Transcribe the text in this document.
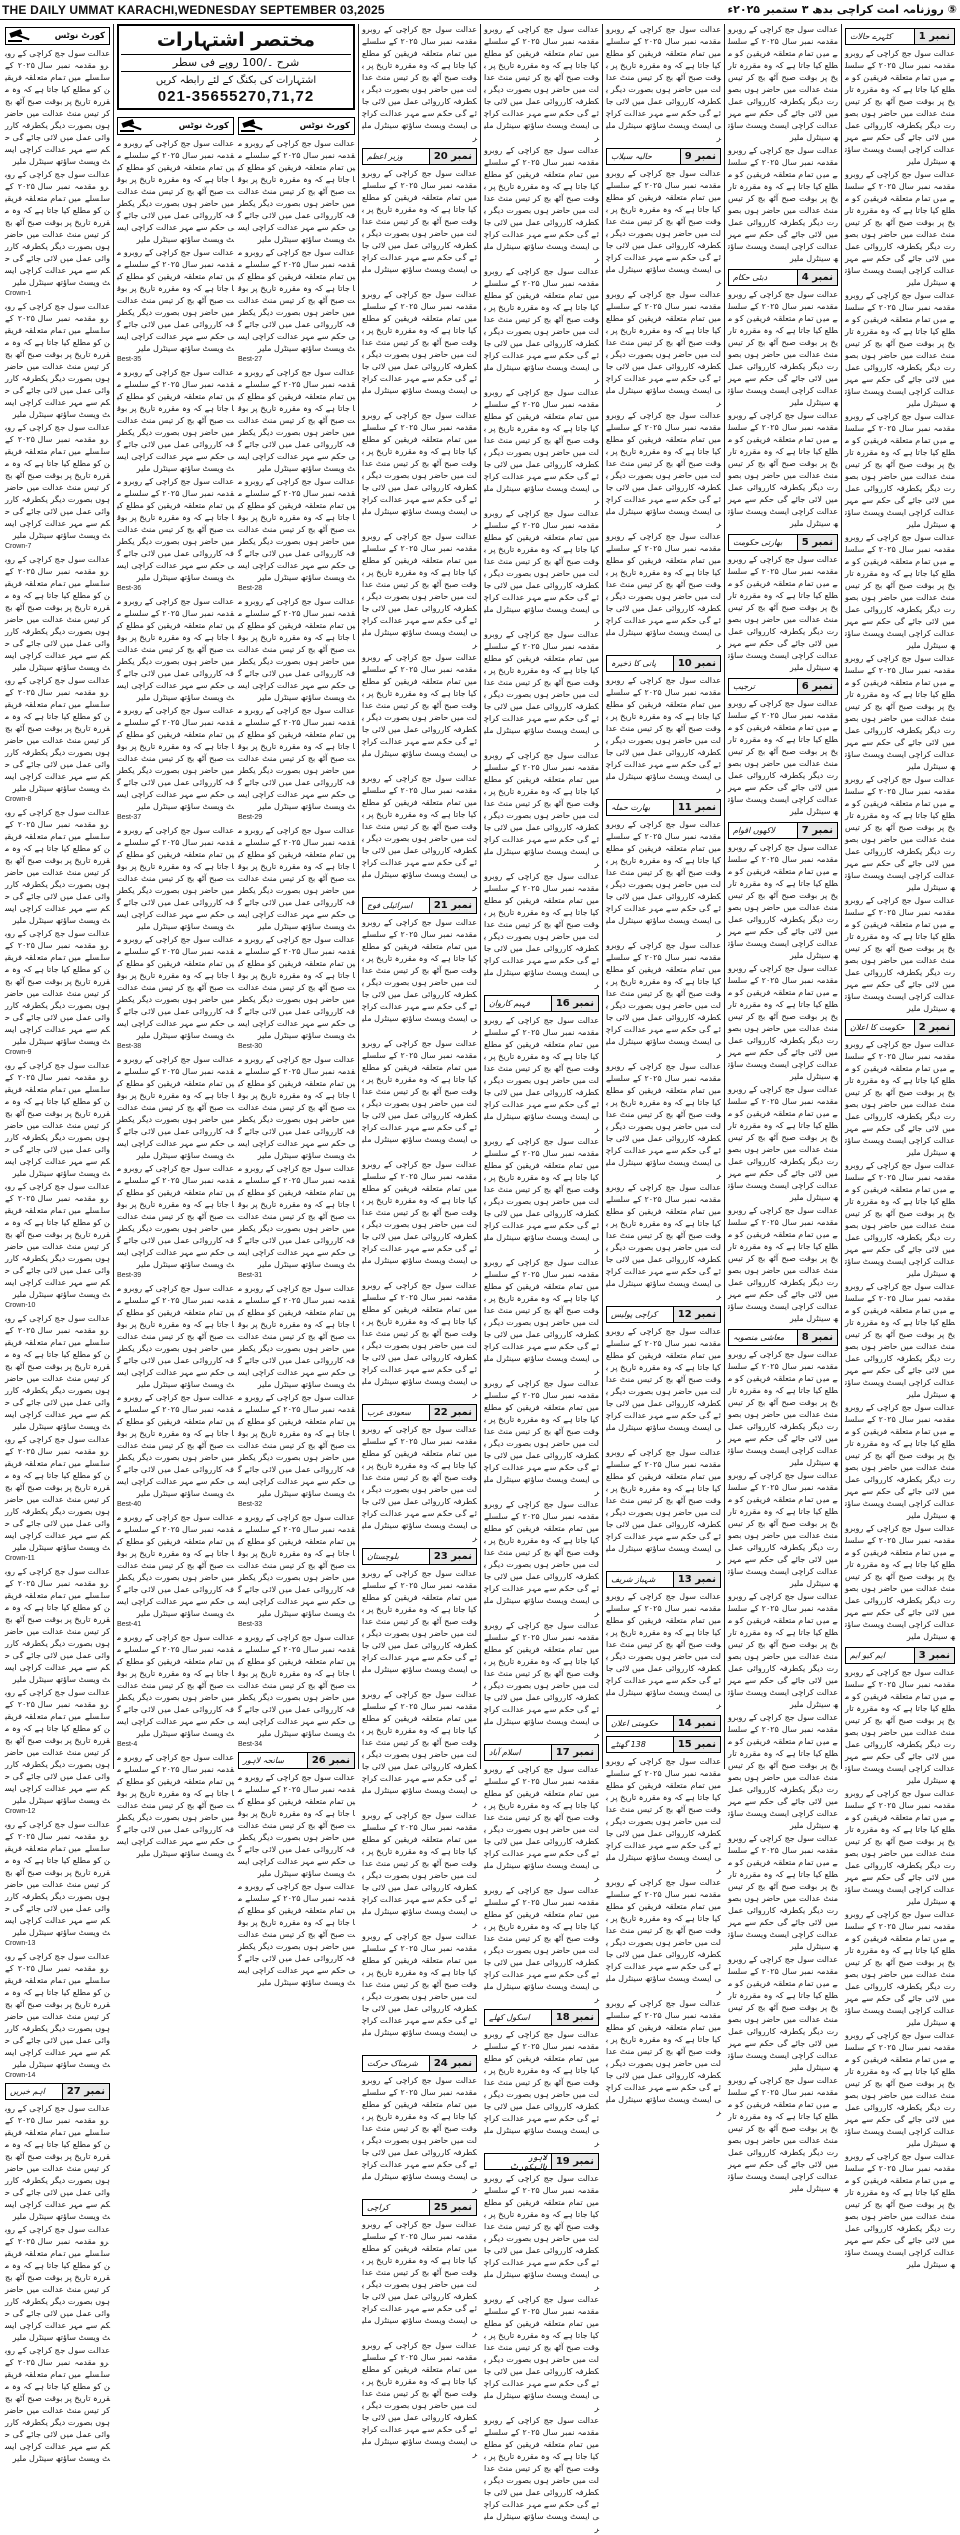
THE DAILY UMMAT KARACHI,WEDNESDAY SEPTEMBER 03,2025	⑤ روزنامہ امت کراچی بدھ ۳ ستمبر ۲۰۲۵ء
کورٹ نوٹس

عدالت سول جج کراچی کے روبرو مقدمہ نمبر سال ۲۰۲۵ کے سلسلے میں تمام متعلقہ فریقین کو مطلع کیا جاتا ہے کہ وہ مقررہ تاریخ پر بوقت صبح آٹھ بج کر تیس منٹ عدالت میں حاضر ہوں بصورت دیگر یکطرفہ کارروائی عمل میں لائی جائے گی حکم سے مہر عدالت کراچی ایسٹ ویسٹ ساؤتھ سینٹرل ملیر

عدالت سول جج کراچی کے روبرو مقدمہ نمبر سال ۲۰۲۵ کے سلسلے میں تمام متعلقہ فریقین کو مطلع کیا جاتا ہے کہ وہ مقررہ تاریخ پر بوقت صبح آٹھ بج کر تیس منٹ عدالت میں حاضر ہوں بصورت دیگر یکطرفہ کارروائی عمل میں لائی جائے گی حکم سے مہر عدالت کراچی ایسٹ ویسٹ ساؤتھ سینٹرل ملیر

Crown-1

عدالت سول جج کراچی کے روبرو مقدمہ نمبر سال ۲۰۲۵ کے سلسلے میں تمام متعلقہ فریقین کو مطلع کیا جاتا ہے کہ وہ مقررہ تاریخ پر بوقت صبح آٹھ بج کر تیس منٹ عدالت میں حاضر ہوں بصورت دیگر یکطرفہ کارروائی عمل میں لائی جائے گی حکم سے مہر عدالت کراچی ایسٹ ویسٹ ساؤتھ سینٹرل ملیر

عدالت سول جج کراچی کے روبرو مقدمہ نمبر سال ۲۰۲۵ کے سلسلے میں تمام متعلقہ فریقین کو مطلع کیا جاتا ہے کہ وہ مقررہ تاریخ پر بوقت صبح آٹھ بج کر تیس منٹ عدالت میں حاضر ہوں بصورت دیگر یکطرفہ کارروائی عمل میں لائی جائے گی حکم سے مہر عدالت کراچی ایسٹ ویسٹ ساؤتھ سینٹرل ملیر

Crown-7

عدالت سول جج کراچی کے روبرو مقدمہ نمبر سال ۲۰۲۵ کے سلسلے میں تمام متعلقہ فریقین کو مطلع کیا جاتا ہے کہ وہ مقررہ تاریخ پر بوقت صبح آٹھ بج کر تیس منٹ عدالت میں حاضر ہوں بصورت دیگر یکطرفہ کارروائی عمل میں لائی جائے گی حکم سے مہر عدالت کراچی ایسٹ ویسٹ ساؤتھ سینٹرل ملیر

عدالت سول جج کراچی کے روبرو مقدمہ نمبر سال ۲۰۲۵ کے سلسلے میں تمام متعلقہ فریقین کو مطلع کیا جاتا ہے کہ وہ مقررہ تاریخ پر بوقت صبح آٹھ بج کر تیس منٹ عدالت میں حاضر ہوں بصورت دیگر یکطرفہ کارروائی عمل میں لائی جائے گی حکم سے مہر عدالت کراچی ایسٹ ویسٹ ساؤتھ سینٹرل ملیر

Crown-8

عدالت سول جج کراچی کے روبرو مقدمہ نمبر سال ۲۰۲۵ کے سلسلے میں تمام متعلقہ فریقین کو مطلع کیا جاتا ہے کہ وہ مقررہ تاریخ پر بوقت صبح آٹھ بج کر تیس منٹ عدالت میں حاضر ہوں بصورت دیگر یکطرفہ کارروائی عمل میں لائی جائے گی حکم سے مہر عدالت کراچی ایسٹ ویسٹ ساؤتھ سینٹرل ملیر

عدالت سول جج کراچی کے روبرو مقدمہ نمبر سال ۲۰۲۵ کے سلسلے میں تمام متعلقہ فریقین کو مطلع کیا جاتا ہے کہ وہ مقررہ تاریخ پر بوقت صبح آٹھ بج کر تیس منٹ عدالت میں حاضر ہوں بصورت دیگر یکطرفہ کارروائی عمل میں لائی جائے گی حکم سے مہر عدالت کراچی ایسٹ ویسٹ ساؤتھ سینٹرل ملیر

Crown-9

عدالت سول جج کراچی کے روبرو مقدمہ نمبر سال ۲۰۲۵ کے سلسلے میں تمام متعلقہ فریقین کو مطلع کیا جاتا ہے کہ وہ مقررہ تاریخ پر بوقت صبح آٹھ بج کر تیس منٹ عدالت میں حاضر ہوں بصورت دیگر یکطرفہ کارروائی عمل میں لائی جائے گی حکم سے مہر عدالت کراچی ایسٹ ویسٹ ساؤتھ سینٹرل ملیر

عدالت سول جج کراچی کے روبرو مقدمہ نمبر سال ۲۰۲۵ کے سلسلے میں تمام متعلقہ فریقین کو مطلع کیا جاتا ہے کہ وہ مقررہ تاریخ پر بوقت صبح آٹھ بج کر تیس منٹ عدالت میں حاضر ہوں بصورت دیگر یکطرفہ کارروائی عمل میں لائی جائے گی حکم سے مہر عدالت کراچی ایسٹ ویسٹ ساؤتھ سینٹرل ملیر

Crown-10

عدالت سول جج کراچی کے روبرو مقدمہ نمبر سال ۲۰۲۵ کے سلسلے میں تمام متعلقہ فریقین کو مطلع کیا جاتا ہے کہ وہ مقررہ تاریخ پر بوقت صبح آٹھ بج کر تیس منٹ عدالت میں حاضر ہوں بصورت دیگر یکطرفہ کارروائی عمل میں لائی جائے گی حکم سے مہر عدالت کراچی ایسٹ ویسٹ ساؤتھ سینٹرل ملیر

عدالت سول جج کراچی کے روبرو مقدمہ نمبر سال ۲۰۲۵ کے سلسلے میں تمام متعلقہ فریقین کو مطلع کیا جاتا ہے کہ وہ مقررہ تاریخ پر بوقت صبح آٹھ بج کر تیس منٹ عدالت میں حاضر ہوں بصورت دیگر یکطرفہ کارروائی عمل میں لائی جائے گی حکم سے مہر عدالت کراچی ایسٹ ویسٹ ساؤتھ سینٹرل ملیر

Crown-11

عدالت سول جج کراچی کے روبرو مقدمہ نمبر سال ۲۰۲۵ کے سلسلے میں تمام متعلقہ فریقین کو مطلع کیا جاتا ہے کہ وہ مقررہ تاریخ پر بوقت صبح آٹھ بج کر تیس منٹ عدالت میں حاضر ہوں بصورت دیگر یکطرفہ کارروائی عمل میں لائی جائے گی حکم سے مہر عدالت کراچی ایسٹ ویسٹ ساؤتھ سینٹرل ملیر

عدالت سول جج کراچی کے روبرو مقدمہ نمبر سال ۲۰۲۵ کے سلسلے میں تمام متعلقہ فریقین کو مطلع کیا جاتا ہے کہ وہ مقررہ تاریخ پر بوقت صبح آٹھ بج کر تیس منٹ عدالت میں حاضر ہوں بصورت دیگر یکطرفہ کارروائی عمل میں لائی جائے گی حکم سے مہر عدالت کراچی ایسٹ ویسٹ ساؤتھ سینٹرل ملیر

Crown-12

عدالت سول جج کراچی کے روبرو مقدمہ نمبر سال ۲۰۲۵ کے سلسلے میں تمام متعلقہ فریقین کو مطلع کیا جاتا ہے کہ وہ مقررہ تاریخ پر بوقت صبح آٹھ بج کر تیس منٹ عدالت میں حاضر ہوں بصورت دیگر یکطرفہ کارروائی عمل میں لائی جائے گی حکم سے مہر عدالت کراچی ایسٹ ویسٹ ساؤتھ سینٹرل ملیر

Crown-13

عدالت سول جج کراچی کے روبرو مقدمہ نمبر سال ۲۰۲۵ کے سلسلے میں تمام متعلقہ فریقین کو مطلع کیا جاتا ہے کہ وہ مقررہ تاریخ پر بوقت صبح آٹھ بج کر تیس منٹ عدالت میں حاضر ہوں بصورت دیگر یکطرفہ کارروائی عمل میں لائی جائے گی حکم سے مہر عدالت کراچی ایسٹ ویسٹ ساؤتھ سینٹرل ملیر

Crown-14
نمبر

27
اہم خبریں

عدالت سول جج کراچی کے روبرو مقدمہ نمبر سال ۲۰۲۵ کے سلسلے میں تمام متعلقہ فریقین کو مطلع کیا جاتا ہے کہ وہ مقررہ تاریخ پر بوقت صبح آٹھ بج کر تیس منٹ عدالت میں حاضر ہوں بصورت دیگر یکطرفہ کارروائی عمل میں لائی جائے گی حکم سے مہر عدالت کراچی ایسٹ ویسٹ ساؤتھ سینٹرل ملیر

عدالت سول جج کراچی کے روبرو مقدمہ نمبر سال ۲۰۲۵ کے سلسلے میں تمام متعلقہ فریقین کو مطلع کیا جاتا ہے کہ وہ مقررہ تاریخ پر بوقت صبح آٹھ بج کر تیس منٹ عدالت میں حاضر ہوں بصورت دیگر یکطرفہ کارروائی عمل میں لائی جائے گی حکم سے مہر عدالت کراچی ایسٹ ویسٹ ساؤتھ سینٹرل ملیر

عدالت سول جج کراچی کے روبرو مقدمہ نمبر سال ۲۰۲۵ کے سلسلے میں تمام متعلقہ فریقین کو مطلع کیا جاتا ہے کہ وہ مقررہ تاریخ پر بوقت صبح آٹھ بج کر تیس منٹ عدالت میں حاضر ہوں بصورت دیگر یکطرفہ کارروائی عمل میں لائی جائے گی حکم سے مہر عدالت کراچی ایسٹ ویسٹ ساؤتھ سینٹرل ملیر

مختصر اشتہارات
شرح ۔/100 روپے فی سطر
اشتہارات کی بکنگ کے لئے رابطہ کریں
021-35655270,71,72
کورٹ نوٹس

عدالت سول جج کراچی کے روبرو مقدمہ نمبر سال ۲۰۲۵ کے سلسلے میں تمام متعلقہ فریقین کو مطلع کیا جاتا ہے کہ وہ مقررہ تاریخ پر بوقت صبح آٹھ بج کر تیس منٹ عدالت میں حاضر ہوں بصورت دیگر یکطرفہ کارروائی عمل میں لائی جائے گی حکم سے مہر عدالت کراچی ایسٹ ویسٹ ساؤتھ سینٹرل ملیر

عدالت سول جج کراچی کے روبرو مقدمہ نمبر سال ۲۰۲۵ کے سلسلے میں تمام متعلقہ فریقین کو مطلع کیا جاتا ہے کہ وہ مقررہ تاریخ پر بوقت صبح آٹھ بج کر تیس منٹ عدالت میں حاضر ہوں بصورت دیگر یکطرفہ کارروائی عمل میں لائی جائے گی حکم سے مہر عدالت کراچی ایسٹ ویسٹ ساؤتھ سینٹرل ملیر

Best-35

عدالت سول جج کراچی کے روبرو مقدمہ نمبر سال ۲۰۲۵ کے سلسلے میں تمام متعلقہ فریقین کو مطلع کیا جاتا ہے کہ وہ مقررہ تاریخ پر بوقت صبح آٹھ بج کر تیس منٹ عدالت میں حاضر ہوں بصورت دیگر یکطرفہ کارروائی عمل میں لائی جائے گی حکم سے مہر عدالت کراچی ایسٹ ویسٹ ساؤتھ سینٹرل ملیر

عدالت سول جج کراچی کے روبرو مقدمہ نمبر سال ۲۰۲۵ کے سلسلے میں تمام متعلقہ فریقین کو مطلع کیا جاتا ہے کہ وہ مقررہ تاریخ پر بوقت صبح آٹھ بج کر تیس منٹ عدالت میں حاضر ہوں بصورت دیگر یکطرفہ کارروائی عمل میں لائی جائے گی حکم سے مہر عدالت کراچی ایسٹ ویسٹ ساؤتھ سینٹرل ملیر

Best-36

عدالت سول جج کراچی کے روبرو مقدمہ نمبر سال ۲۰۲۵ کے سلسلے میں تمام متعلقہ فریقین کو مطلع کیا جاتا ہے کہ وہ مقررہ تاریخ پر بوقت صبح آٹھ بج کر تیس منٹ عدالت میں حاضر ہوں بصورت دیگر یکطرفہ کارروائی عمل میں لائی جائے گی حکم سے مہر عدالت کراچی ایسٹ ویسٹ ساؤتھ سینٹرل ملیر

عدالت سول جج کراچی کے روبرو مقدمہ نمبر سال ۲۰۲۵ کے سلسلے میں تمام متعلقہ فریقین کو مطلع کیا جاتا ہے کہ وہ مقررہ تاریخ پر بوقت صبح آٹھ بج کر تیس منٹ عدالت میں حاضر ہوں بصورت دیگر یکطرفہ کارروائی عمل میں لائی جائے گی حکم سے مہر عدالت کراچی ایسٹ ویسٹ ساؤتھ سینٹرل ملیر

Best-37

عدالت سول جج کراچی کے روبرو مقدمہ نمبر سال ۲۰۲۵ کے سلسلے میں تمام متعلقہ فریقین کو مطلع کیا جاتا ہے کہ وہ مقررہ تاریخ پر بوقت صبح آٹھ بج کر تیس منٹ عدالت میں حاضر ہوں بصورت دیگر یکطرفہ کارروائی عمل میں لائی جائے گی حکم سے مہر عدالت کراچی ایسٹ ویسٹ ساؤتھ سینٹرل ملیر

عدالت سول جج کراچی کے روبرو مقدمہ نمبر سال ۲۰۲۵ کے سلسلے میں تمام متعلقہ فریقین کو مطلع کیا جاتا ہے کہ وہ مقررہ تاریخ پر بوقت صبح آٹھ بج کر تیس منٹ عدالت میں حاضر ہوں بصورت دیگر یکطرفہ کارروائی عمل میں لائی جائے گی حکم سے مہر عدالت کراچی ایسٹ ویسٹ ساؤتھ سینٹرل ملیر

Best-38

عدالت سول جج کراچی کے روبرو مقدمہ نمبر سال ۲۰۲۵ کے سلسلے میں تمام متعلقہ فریقین کو مطلع کیا جاتا ہے کہ وہ مقررہ تاریخ پر بوقت صبح آٹھ بج کر تیس منٹ عدالت میں حاضر ہوں بصورت دیگر یکطرفہ کارروائی عمل میں لائی جائے گی حکم سے مہر عدالت کراچی ایسٹ ویسٹ ساؤتھ سینٹرل ملیر

عدالت سول جج کراچی کے روبرو مقدمہ نمبر سال ۲۰۲۵ کے سلسلے میں تمام متعلقہ فریقین کو مطلع کیا جاتا ہے کہ وہ مقررہ تاریخ پر بوقت صبح آٹھ بج کر تیس منٹ عدالت میں حاضر ہوں بصورت دیگر یکطرفہ کارروائی عمل میں لائی جائے گی حکم سے مہر عدالت کراچی ایسٹ ویسٹ ساؤتھ سینٹرل ملیر

Best-39

عدالت سول جج کراچی کے روبرو مقدمہ نمبر سال ۲۰۲۵ کے سلسلے میں تمام متعلقہ فریقین کو مطلع کیا جاتا ہے کہ وہ مقررہ تاریخ پر بوقت صبح آٹھ بج کر تیس منٹ عدالت میں حاضر ہوں بصورت دیگر یکطرفہ کارروائی عمل میں لائی جائے گی حکم سے مہر عدالت کراچی ایسٹ ویسٹ ساؤتھ سینٹرل ملیر

عدالت سول جج کراچی کے روبرو مقدمہ نمبر سال ۲۰۲۵ کے سلسلے میں تمام متعلقہ فریقین کو مطلع کیا جاتا ہے کہ وہ مقررہ تاریخ پر بوقت صبح آٹھ بج کر تیس منٹ عدالت میں حاضر ہوں بصورت دیگر یکطرفہ کارروائی عمل میں لائی جائے گی حکم سے مہر عدالت کراچی ایسٹ ویسٹ ساؤتھ سینٹرل ملیر

Best-40

عدالت سول جج کراچی کے روبرو مقدمہ نمبر سال ۲۰۲۵ کے سلسلے میں تمام متعلقہ فریقین کو مطلع کیا جاتا ہے کہ وہ مقررہ تاریخ پر بوقت صبح آٹھ بج کر تیس منٹ عدالت میں حاضر ہوں بصورت دیگر یکطرفہ کارروائی عمل میں لائی جائے گی حکم سے مہر عدالت کراچی ایسٹ ویسٹ ساؤتھ سینٹرل ملیر

Best-41

عدالت سول جج کراچی کے روبرو مقدمہ نمبر سال ۲۰۲۵ کے سلسلے میں تمام متعلقہ فریقین کو مطلع کیا جاتا ہے کہ وہ مقررہ تاریخ پر بوقت صبح آٹھ بج کر تیس منٹ عدالت میں حاضر ہوں بصورت دیگر یکطرفہ کارروائی عمل میں لائی جائے گی حکم سے مہر عدالت کراچی ایسٹ ویسٹ ساؤتھ سینٹرل ملیر

Best-4

عدالت سول جج کراچی کے روبرو مقدمہ نمبر سال ۲۰۲۵ کے سلسلے میں تمام متعلقہ فریقین کو مطلع کیا جاتا ہے کہ وہ مقررہ تاریخ پر بوقت صبح آٹھ بج کر تیس منٹ عدالت میں حاضر ہوں بصورت دیگر یکطرفہ کارروائی عمل میں لائی جائے گی حکم سے مہر عدالت کراچی ایسٹ ویسٹ ساؤتھ سینٹرل ملیر

کورٹ نوٹس

عدالت سول جج کراچی کے روبرو مقدمہ نمبر سال ۲۰۲۵ کے سلسلے میں تمام متعلقہ فریقین کو مطلع کیا جاتا ہے کہ وہ مقررہ تاریخ پر بوقت صبح آٹھ بج کر تیس منٹ عدالت میں حاضر ہوں بصورت دیگر یکطرفہ کارروائی عمل میں لائی جائے گی حکم سے مہر عدالت کراچی ایسٹ ویسٹ ساؤتھ سینٹرل ملیر

عدالت سول جج کراچی کے روبرو مقدمہ نمبر سال ۲۰۲۵ کے سلسلے میں تمام متعلقہ فریقین کو مطلع کیا جاتا ہے کہ وہ مقررہ تاریخ پر بوقت صبح آٹھ بج کر تیس منٹ عدالت میں حاضر ہوں بصورت دیگر یکطرفہ کارروائی عمل میں لائی جائے گی حکم سے مہر عدالت کراچی ایسٹ ویسٹ ساؤتھ سینٹرل ملیر

Best-27

عدالت سول جج کراچی کے روبرو مقدمہ نمبر سال ۲۰۲۵ کے سلسلے میں تمام متعلقہ فریقین کو مطلع کیا جاتا ہے کہ وہ مقررہ تاریخ پر بوقت صبح آٹھ بج کر تیس منٹ عدالت میں حاضر ہوں بصورت دیگر یکطرفہ کارروائی عمل میں لائی جائے گی حکم سے مہر عدالت کراچی ایسٹ ویسٹ ساؤتھ سینٹرل ملیر

عدالت سول جج کراچی کے روبرو مقدمہ نمبر سال ۲۰۲۵ کے سلسلے میں تمام متعلقہ فریقین کو مطلع کیا جاتا ہے کہ وہ مقررہ تاریخ پر بوقت صبح آٹھ بج کر تیس منٹ عدالت میں حاضر ہوں بصورت دیگر یکطرفہ کارروائی عمل میں لائی جائے گی حکم سے مہر عدالت کراچی ایسٹ ویسٹ ساؤتھ سینٹرل ملیر

Best-28

عدالت سول جج کراچی کے روبرو مقدمہ نمبر سال ۲۰۲۵ کے سلسلے میں تمام متعلقہ فریقین کو مطلع کیا جاتا ہے کہ وہ مقررہ تاریخ پر بوقت صبح آٹھ بج کر تیس منٹ عدالت میں حاضر ہوں بصورت دیگر یکطرفہ کارروائی عمل میں لائی جائے گی حکم سے مہر عدالت کراچی ایسٹ ویسٹ ساؤتھ سینٹرل ملیر

عدالت سول جج کراچی کے روبرو مقدمہ نمبر سال ۲۰۲۵ کے سلسلے میں تمام متعلقہ فریقین کو مطلع کیا جاتا ہے کہ وہ مقررہ تاریخ پر بوقت صبح آٹھ بج کر تیس منٹ عدالت میں حاضر ہوں بصورت دیگر یکطرفہ کارروائی عمل میں لائی جائے گی حکم سے مہر عدالت کراچی ایسٹ ویسٹ ساؤتھ سینٹرل ملیر

Best-29

عدالت سول جج کراچی کے روبرو مقدمہ نمبر سال ۲۰۲۵ کے سلسلے میں تمام متعلقہ فریقین کو مطلع کیا جاتا ہے کہ وہ مقررہ تاریخ پر بوقت صبح آٹھ بج کر تیس منٹ عدالت میں حاضر ہوں بصورت دیگر یکطرفہ کارروائی عمل میں لائی جائے گی حکم سے مہر عدالت کراچی ایسٹ ویسٹ ساؤتھ سینٹرل ملیر

عدالت سول جج کراچی کے روبرو مقدمہ نمبر سال ۲۰۲۵ کے سلسلے میں تمام متعلقہ فریقین کو مطلع کیا جاتا ہے کہ وہ مقررہ تاریخ پر بوقت صبح آٹھ بج کر تیس منٹ عدالت میں حاضر ہوں بصورت دیگر یکطرفہ کارروائی عمل میں لائی جائے گی حکم سے مہر عدالت کراچی ایسٹ ویسٹ ساؤتھ سینٹرل ملیر

Best-30

عدالت سول جج کراچی کے روبرو مقدمہ نمبر سال ۲۰۲۵ کے سلسلے میں تمام متعلقہ فریقین کو مطلع کیا جاتا ہے کہ وہ مقررہ تاریخ پر بوقت صبح آٹھ بج کر تیس منٹ عدالت میں حاضر ہوں بصورت دیگر یکطرفہ کارروائی عمل میں لائی جائے گی حکم سے مہر عدالت کراچی ایسٹ ویسٹ ساؤتھ سینٹرل ملیر

عدالت سول جج کراچی کے روبرو مقدمہ نمبر سال ۲۰۲۵ کے سلسلے میں تمام متعلقہ فریقین کو مطلع کیا جاتا ہے کہ وہ مقررہ تاریخ پر بوقت صبح آٹھ بج کر تیس منٹ عدالت میں حاضر ہوں بصورت دیگر یکطرفہ کارروائی عمل میں لائی جائے گی حکم سے مہر عدالت کراچی ایسٹ ویسٹ ساؤتھ سینٹرل ملیر

Best-31

عدالت سول جج کراچی کے روبرو مقدمہ نمبر سال ۲۰۲۵ کے سلسلے میں تمام متعلقہ فریقین کو مطلع کیا جاتا ہے کہ وہ مقررہ تاریخ پر بوقت صبح آٹھ بج کر تیس منٹ عدالت میں حاضر ہوں بصورت دیگر یکطرفہ کارروائی عمل میں لائی جائے گی حکم سے مہر عدالت کراچی ایسٹ ویسٹ ساؤتھ سینٹرل ملیر

عدالت سول جج کراچی کے روبرو مقدمہ نمبر سال ۲۰۲۵ کے سلسلے میں تمام متعلقہ فریقین کو مطلع کیا جاتا ہے کہ وہ مقررہ تاریخ پر بوقت صبح آٹھ بج کر تیس منٹ عدالت میں حاضر ہوں بصورت دیگر یکطرفہ کارروائی عمل میں لائی جائے گی حکم سے مہر عدالت کراچی ایسٹ ویسٹ ساؤتھ سینٹرل ملیر

Best-32

عدالت سول جج کراچی کے روبرو مقدمہ نمبر سال ۲۰۲۵ کے سلسلے میں تمام متعلقہ فریقین کو مطلع کیا جاتا ہے کہ وہ مقررہ تاریخ پر بوقت صبح آٹھ بج کر تیس منٹ عدالت میں حاضر ہوں بصورت دیگر یکطرفہ کارروائی عمل میں لائی جائے گی حکم سے مہر عدالت کراچی ایسٹ ویسٹ ساؤتھ سینٹرل ملیر

Best-33

عدالت سول جج کراچی کے روبرو مقدمہ نمبر سال ۲۰۲۵ کے سلسلے میں تمام متعلقہ فریقین کو مطلع کیا جاتا ہے کہ وہ مقررہ تاریخ پر بوقت صبح آٹھ بج کر تیس منٹ عدالت میں حاضر ہوں بصورت دیگر یکطرفہ کارروائی عمل میں لائی جائے گی حکم سے مہر عدالت کراچی ایسٹ ویسٹ ساؤتھ سینٹرل ملیر

Best-34
نمبر

26
سانحہ لاہور

عدالت سول جج کراچی کے روبرو مقدمہ نمبر سال ۲۰۲۵ کے سلسلے میں تمام متعلقہ فریقین کو مطلع کیا جاتا ہے کہ وہ مقررہ تاریخ پر بوقت صبح آٹھ بج کر تیس منٹ عدالت میں حاضر ہوں بصورت دیگر یکطرفہ کارروائی عمل میں لائی جائے گی حکم سے مہر عدالت کراچی ایسٹ ویسٹ ساؤتھ سینٹرل ملیر

عدالت سول جج کراچی کے روبرو مقدمہ نمبر سال ۲۰۲۵ کے سلسلے میں تمام متعلقہ فریقین کو مطلع کیا جاتا ہے کہ وہ مقررہ تاریخ پر بوقت صبح آٹھ بج کر تیس منٹ عدالت میں حاضر ہوں بصورت دیگر یکطرفہ کارروائی عمل میں لائی جائے گی حکم سے مہر عدالت کراچی ایسٹ ویسٹ ساؤتھ سینٹرل ملیر

عدالت سول جج کراچی کے روبرو مقدمہ نمبر سال ۲۰۲۵ کے سلسلے میں تمام متعلقہ فریقین کو مطلع کیا جاتا ہے کہ وہ مقررہ تاریخ پر بوقت صبح آٹھ بج کر تیس منٹ عدالت میں حاضر ہوں بصورت دیگر یکطرفہ کارروائی عمل میں لائی جائے گی حکم سے مہر عدالت کراچی ایسٹ ویسٹ ساؤتھ سینٹرل ملیر

نمبر

20
وزیر اعظم

عدالت سول جج کراچی کے روبرو مقدمہ نمبر سال ۲۰۲۵ کے سلسلے میں تمام متعلقہ فریقین کو مطلع کیا جاتا ہے کہ وہ مقررہ تاریخ پر بوقت صبح آٹھ بج کر تیس منٹ عدالت میں حاضر ہوں بصورت دیگر یکطرفہ کارروائی عمل میں لائی جائے گی حکم سے مہر عدالت کراچی ایسٹ ویسٹ ساؤتھ سینٹرل ملیر

عدالت سول جج کراچی کے روبرو مقدمہ نمبر سال ۲۰۲۵ کے سلسلے میں تمام متعلقہ فریقین کو مطلع کیا جاتا ہے کہ وہ مقررہ تاریخ پر بوقت صبح آٹھ بج کر تیس منٹ عدالت میں حاضر ہوں بصورت دیگر یکطرفہ کارروائی عمل میں لائی جائے گی حکم سے مہر عدالت کراچی ایسٹ ویسٹ ساؤتھ سینٹرل ملیر

عدالت سول جج کراچی کے روبرو مقدمہ نمبر سال ۲۰۲۵ کے سلسلے میں تمام متعلقہ فریقین کو مطلع کیا جاتا ہے کہ وہ مقررہ تاریخ پر بوقت صبح آٹھ بج کر تیس منٹ عدالت میں حاضر ہوں بصورت دیگر یکطرفہ کارروائی عمل میں لائی جائے گی حکم سے مہر عدالت کراچی ایسٹ ویسٹ ساؤتھ سینٹرل ملیر

عدالت سول جج کراچی کے روبرو مقدمہ نمبر سال ۲۰۲۵ کے سلسلے میں تمام متعلقہ فریقین کو مطلع کیا جاتا ہے کہ وہ مقررہ تاریخ پر بوقت صبح آٹھ بج کر تیس منٹ عدالت میں حاضر ہوں بصورت دیگر یکطرفہ کارروائی عمل میں لائی جائے گی حکم سے مہر عدالت کراچی ایسٹ ویسٹ ساؤتھ سینٹرل ملیر

عدالت سول جج کراچی کے روبرو مقدمہ نمبر سال ۲۰۲۵ کے سلسلے میں تمام متعلقہ فریقین کو مطلع کیا جاتا ہے کہ وہ مقررہ تاریخ پر بوقت صبح آٹھ بج کر تیس منٹ عدالت میں حاضر ہوں بصورت دیگر یکطرفہ کارروائی عمل میں لائی جائے گی حکم سے مہر عدالت کراچی ایسٹ ویسٹ ساؤتھ سینٹرل ملیر

عدالت سول جج کراچی کے روبرو مقدمہ نمبر سال ۲۰۲۵ کے سلسلے میں تمام متعلقہ فریقین کو مطلع کیا جاتا ہے کہ وہ مقررہ تاریخ پر بوقت صبح آٹھ بج کر تیس منٹ عدالت میں حاضر ہوں بصورت دیگر یکطرفہ کارروائی عمل میں لائی جائے گی حکم سے مہر عدالت کراچی ایسٹ ویسٹ ساؤتھ سینٹرل ملیر

نمبر

21
اسرائیلی فوج

عدالت سول جج کراچی کے روبرو مقدمہ نمبر سال ۲۰۲۵ کے سلسلے میں تمام متعلقہ فریقین کو مطلع کیا جاتا ہے کہ وہ مقررہ تاریخ پر بوقت صبح آٹھ بج کر تیس منٹ عدالت میں حاضر ہوں بصورت دیگر یکطرفہ کارروائی عمل میں لائی جائے گی حکم سے مہر عدالت کراچی ایسٹ ویسٹ ساؤتھ سینٹرل ملیر

عدالت سول جج کراچی کے روبرو مقدمہ نمبر سال ۲۰۲۵ کے سلسلے میں تمام متعلقہ فریقین کو مطلع کیا جاتا ہے کہ وہ مقررہ تاریخ پر بوقت صبح آٹھ بج کر تیس منٹ عدالت میں حاضر ہوں بصورت دیگر یکطرفہ کارروائی عمل میں لائی جائے گی حکم سے مہر عدالت کراچی ایسٹ ویسٹ ساؤتھ سینٹرل ملیر

عدالت سول جج کراچی کے روبرو مقدمہ نمبر سال ۲۰۲۵ کے سلسلے میں تمام متعلقہ فریقین کو مطلع کیا جاتا ہے کہ وہ مقررہ تاریخ پر بوقت صبح آٹھ بج کر تیس منٹ عدالت میں حاضر ہوں بصورت دیگر یکطرفہ کارروائی عمل میں لائی جائے گی حکم سے مہر عدالت کراچی ایسٹ ویسٹ ساؤتھ سینٹرل ملیر

عدالت سول جج کراچی کے روبرو مقدمہ نمبر سال ۲۰۲۵ کے سلسلے میں تمام متعلقہ فریقین کو مطلع کیا جاتا ہے کہ وہ مقررہ تاریخ پر بوقت صبح آٹھ بج کر تیس منٹ عدالت میں حاضر ہوں بصورت دیگر یکطرفہ کارروائی عمل میں لائی جائے گی حکم سے مہر عدالت کراچی ایسٹ ویسٹ ساؤتھ سینٹرل ملیر

نمبر

22
سعودی عرب

عدالت سول جج کراچی کے روبرو مقدمہ نمبر سال ۲۰۲۵ کے سلسلے میں تمام متعلقہ فریقین کو مطلع کیا جاتا ہے کہ وہ مقررہ تاریخ پر بوقت صبح آٹھ بج کر تیس منٹ عدالت میں حاضر ہوں بصورت دیگر یکطرفہ کارروائی عمل میں لائی جائے گی حکم سے مہر عدالت کراچی ایسٹ ویسٹ ساؤتھ سینٹرل ملیر

نمبر

23
بلوچستان

عدالت سول جج کراچی کے روبرو مقدمہ نمبر سال ۲۰۲۵ کے سلسلے میں تمام متعلقہ فریقین کو مطلع کیا جاتا ہے کہ وہ مقررہ تاریخ پر بوقت صبح آٹھ بج کر تیس منٹ عدالت میں حاضر ہوں بصورت دیگر یکطرفہ کارروائی عمل میں لائی جائے گی حکم سے مہر عدالت کراچی ایسٹ ویسٹ ساؤتھ سینٹرل ملیر

عدالت سول جج کراچی کے روبرو مقدمہ نمبر سال ۲۰۲۵ کے سلسلے میں تمام متعلقہ فریقین کو مطلع کیا جاتا ہے کہ وہ مقررہ تاریخ پر بوقت صبح آٹھ بج کر تیس منٹ عدالت میں حاضر ہوں بصورت دیگر یکطرفہ کارروائی عمل میں لائی جائے گی حکم سے مہر عدالت کراچی ایسٹ ویسٹ ساؤتھ سینٹرل ملیر

عدالت سول جج کراچی کے روبرو مقدمہ نمبر سال ۲۰۲۵ کے سلسلے میں تمام متعلقہ فریقین کو مطلع کیا جاتا ہے کہ وہ مقررہ تاریخ پر بوقت صبح آٹھ بج کر تیس منٹ عدالت میں حاضر ہوں بصورت دیگر یکطرفہ کارروائی عمل میں لائی جائے گی حکم سے مہر عدالت کراچی ایسٹ ویسٹ ساؤتھ سینٹرل ملیر

عدالت سول جج کراچی کے روبرو مقدمہ نمبر سال ۲۰۲۵ کے سلسلے میں تمام متعلقہ فریقین کو مطلع کیا جاتا ہے کہ وہ مقررہ تاریخ پر بوقت صبح آٹھ بج کر تیس منٹ عدالت میں حاضر ہوں بصورت دیگر یکطرفہ کارروائی عمل میں لائی جائے گی حکم سے مہر عدالت کراچی ایسٹ ویسٹ ساؤتھ سینٹرل ملیر

نمبر

24
شرمناک حرکت

عدالت سول جج کراچی کے روبرو مقدمہ نمبر سال ۲۰۲۵ کے سلسلے میں تمام متعلقہ فریقین کو مطلع کیا جاتا ہے کہ وہ مقررہ تاریخ پر بوقت صبح آٹھ بج کر تیس منٹ عدالت میں حاضر ہوں بصورت دیگر یکطرفہ کارروائی عمل میں لائی جائے گی حکم سے مہر عدالت کراچی ایسٹ ویسٹ ساؤتھ سینٹرل ملیر

نمبر

25
کراچی

عدالت سول جج کراچی کے روبرو مقدمہ نمبر سال ۲۰۲۵ کے سلسلے میں تمام متعلقہ فریقین کو مطلع کیا جاتا ہے کہ وہ مقررہ تاریخ پر بوقت صبح آٹھ بج کر تیس منٹ عدالت میں حاضر ہوں بصورت دیگر یکطرفہ کارروائی عمل میں لائی جائے گی حکم سے مہر عدالت کراچی ایسٹ ویسٹ ساؤتھ سینٹرل ملیر

عدالت سول جج کراچی کے روبرو مقدمہ نمبر سال ۲۰۲۵ کے سلسلے میں تمام متعلقہ فریقین کو مطلع کیا جاتا ہے کہ وہ مقررہ تاریخ پر بوقت صبح آٹھ بج کر تیس منٹ عدالت میں حاضر ہوں بصورت دیگر یکطرفہ کارروائی عمل میں لائی جائے گی حکم سے مہر عدالت کراچی ایسٹ ویسٹ ساؤتھ سینٹرل ملیر

عدالت سول جج کراچی کے روبرو مقدمہ نمبر سال ۲۰۲۵ کے سلسلے میں تمام متعلقہ فریقین کو مطلع کیا جاتا ہے کہ وہ مقررہ تاریخ پر بوقت صبح آٹھ بج کر تیس منٹ عدالت میں حاضر ہوں بصورت دیگر یکطرفہ کارروائی عمل میں لائی جائے گی حکم سے مہر عدالت کراچی ایسٹ ویسٹ ساؤتھ سینٹرل ملیر

عدالت سول جج کراچی کے روبرو مقدمہ نمبر سال ۲۰۲۵ کے سلسلے میں تمام متعلقہ فریقین کو مطلع کیا جاتا ہے کہ وہ مقررہ تاریخ پر بوقت صبح آٹھ بج کر تیس منٹ عدالت میں حاضر ہوں بصورت دیگر یکطرفہ کارروائی عمل میں لائی جائے گی حکم سے مہر عدالت کراچی ایسٹ ویسٹ ساؤتھ سینٹرل ملیر

عدالت سول جج کراچی کے روبرو مقدمہ نمبر سال ۲۰۲۵ کے سلسلے میں تمام متعلقہ فریقین کو مطلع کیا جاتا ہے کہ وہ مقررہ تاریخ پر بوقت صبح آٹھ بج کر تیس منٹ عدالت میں حاضر ہوں بصورت دیگر یکطرفہ کارروائی عمل میں لائی جائے گی حکم سے مہر عدالت کراچی ایسٹ ویسٹ ساؤتھ سینٹرل ملیر

عدالت سول جج کراچی کے روبرو مقدمہ نمبر سال ۲۰۲۵ کے سلسلے میں تمام متعلقہ فریقین کو مطلع کیا جاتا ہے کہ وہ مقررہ تاریخ پر بوقت صبح آٹھ بج کر تیس منٹ عدالت میں حاضر ہوں بصورت دیگر یکطرفہ کارروائی عمل میں لائی جائے گی حکم سے مہر عدالت کراچی ایسٹ ویسٹ ساؤتھ سینٹرل ملیر

عدالت سول جج کراچی کے روبرو مقدمہ نمبر سال ۲۰۲۵ کے سلسلے میں تمام متعلقہ فریقین کو مطلع کیا جاتا ہے کہ وہ مقررہ تاریخ پر بوقت صبح آٹھ بج کر تیس منٹ عدالت میں حاضر ہوں بصورت دیگر یکطرفہ کارروائی عمل میں لائی جائے گی حکم سے مہر عدالت کراچی ایسٹ ویسٹ ساؤتھ سینٹرل ملیر

عدالت سول جج کراچی کے روبرو مقدمہ نمبر سال ۲۰۲۵ کے سلسلے میں تمام متعلقہ فریقین کو مطلع کیا جاتا ہے کہ وہ مقررہ تاریخ پر بوقت صبح آٹھ بج کر تیس منٹ عدالت میں حاضر ہوں بصورت دیگر یکطرفہ کارروائی عمل میں لائی جائے گی حکم سے مہر عدالت کراچی ایسٹ ویسٹ ساؤتھ سینٹرل ملیر

عدالت سول جج کراچی کے روبرو مقدمہ نمبر سال ۲۰۲۵ کے سلسلے میں تمام متعلقہ فریقین کو مطلع کیا جاتا ہے کہ وہ مقررہ تاریخ پر بوقت صبح آٹھ بج کر تیس منٹ عدالت میں حاضر ہوں بصورت دیگر یکطرفہ کارروائی عمل میں لائی جائے گی حکم سے مہر عدالت کراچی ایسٹ ویسٹ ساؤتھ سینٹرل ملیر

عدالت سول جج کراچی کے روبرو مقدمہ نمبر سال ۲۰۲۵ کے سلسلے میں تمام متعلقہ فریقین کو مطلع کیا جاتا ہے کہ وہ مقررہ تاریخ پر بوقت صبح آٹھ بج کر تیس منٹ عدالت میں حاضر ہوں بصورت دیگر یکطرفہ کارروائی عمل میں لائی جائے گی حکم سے مہر عدالت کراچی ایسٹ ویسٹ ساؤتھ سینٹرل ملیر

نمبر

16
فہیم کاروان

عدالت سول جج کراچی کے روبرو مقدمہ نمبر سال ۲۰۲۵ کے سلسلے میں تمام متعلقہ فریقین کو مطلع کیا جاتا ہے کہ وہ مقررہ تاریخ پر بوقت صبح آٹھ بج کر تیس منٹ عدالت میں حاضر ہوں بصورت دیگر یکطرفہ کارروائی عمل میں لائی جائے گی حکم سے مہر عدالت کراچی ایسٹ ویسٹ ساؤتھ سینٹرل ملیر

عدالت سول جج کراچی کے روبرو مقدمہ نمبر سال ۲۰۲۵ کے سلسلے میں تمام متعلقہ فریقین کو مطلع کیا جاتا ہے کہ وہ مقررہ تاریخ پر بوقت صبح آٹھ بج کر تیس منٹ عدالت میں حاضر ہوں بصورت دیگر یکطرفہ کارروائی عمل میں لائی جائے گی حکم سے مہر عدالت کراچی ایسٹ ویسٹ ساؤتھ سینٹرل ملیر

عدالت سول جج کراچی کے روبرو مقدمہ نمبر سال ۲۰۲۵ کے سلسلے میں تمام متعلقہ فریقین کو مطلع کیا جاتا ہے کہ وہ مقررہ تاریخ پر بوقت صبح آٹھ بج کر تیس منٹ عدالت میں حاضر ہوں بصورت دیگر یکطرفہ کارروائی عمل میں لائی جائے گی حکم سے مہر عدالت کراچی ایسٹ ویسٹ ساؤتھ سینٹرل ملیر

عدالت سول جج کراچی کے روبرو مقدمہ نمبر سال ۲۰۲۵ کے سلسلے میں تمام متعلقہ فریقین کو مطلع کیا جاتا ہے کہ وہ مقررہ تاریخ پر بوقت صبح آٹھ بج کر تیس منٹ عدالت میں حاضر ہوں بصورت دیگر یکطرفہ کارروائی عمل میں لائی جائے گی حکم سے مہر عدالت کراچی ایسٹ ویسٹ ساؤتھ سینٹرل ملیر

عدالت سول جج کراچی کے روبرو مقدمہ نمبر سال ۲۰۲۵ کے سلسلے میں تمام متعلقہ فریقین کو مطلع کیا جاتا ہے کہ وہ مقررہ تاریخ پر بوقت صبح آٹھ بج کر تیس منٹ عدالت میں حاضر ہوں بصورت دیگر یکطرفہ کارروائی عمل میں لائی جائے گی حکم سے مہر عدالت کراچی ایسٹ ویسٹ ساؤتھ سینٹرل ملیر

عدالت سول جج کراچی کے روبرو مقدمہ نمبر سال ۲۰۲۵ کے سلسلے میں تمام متعلقہ فریقین کو مطلع کیا جاتا ہے کہ وہ مقررہ تاریخ پر بوقت صبح آٹھ بج کر تیس منٹ عدالت میں حاضر ہوں بصورت دیگر یکطرفہ کارروائی عمل میں لائی جائے گی حکم سے مہر عدالت کراچی ایسٹ ویسٹ ساؤتھ سینٹرل ملیر

نمبر

17
اسلام آباد

عدالت سول جج کراچی کے روبرو مقدمہ نمبر سال ۲۰۲۵ کے سلسلے میں تمام متعلقہ فریقین کو مطلع کیا جاتا ہے کہ وہ مقررہ تاریخ پر بوقت صبح آٹھ بج کر تیس منٹ عدالت میں حاضر ہوں بصورت دیگر یکطرفہ کارروائی عمل میں لائی جائے گی حکم سے مہر عدالت کراچی ایسٹ ویسٹ ساؤتھ سینٹرل ملیر

عدالت سول جج کراچی کے روبرو مقدمہ نمبر سال ۲۰۲۵ کے سلسلے میں تمام متعلقہ فریقین کو مطلع کیا جاتا ہے کہ وہ مقررہ تاریخ پر بوقت صبح آٹھ بج کر تیس منٹ عدالت میں حاضر ہوں بصورت دیگر یکطرفہ کارروائی عمل میں لائی جائے گی حکم سے مہر عدالت کراچی ایسٹ ویسٹ ساؤتھ سینٹرل ملیر

نمبر

18
اسکول کھلے

عدالت سول جج کراچی کے روبرو مقدمہ نمبر سال ۲۰۲۵ کے سلسلے میں تمام متعلقہ فریقین کو مطلع کیا جاتا ہے کہ وہ مقررہ تاریخ پر بوقت صبح آٹھ بج کر تیس منٹ عدالت میں حاضر ہوں بصورت دیگر یکطرفہ کارروائی عمل میں لائی جائے گی حکم سے مہر عدالت کراچی ایسٹ ویسٹ ساؤتھ سینٹرل ملیر

نمبر

19
لاہور ہائیکورٹ

عدالت سول جج کراچی کے روبرو مقدمہ نمبر سال ۲۰۲۵ کے سلسلے میں تمام متعلقہ فریقین کو مطلع کیا جاتا ہے کہ وہ مقررہ تاریخ پر بوقت صبح آٹھ بج کر تیس منٹ عدالت میں حاضر ہوں بصورت دیگر یکطرفہ کارروائی عمل میں لائی جائے گی حکم سے مہر عدالت کراچی ایسٹ ویسٹ ساؤتھ سینٹرل ملیر

عدالت سول جج کراچی کے روبرو مقدمہ نمبر سال ۲۰۲۵ کے سلسلے میں تمام متعلقہ فریقین کو مطلع کیا جاتا ہے کہ وہ مقررہ تاریخ پر بوقت صبح آٹھ بج کر تیس منٹ عدالت میں حاضر ہوں بصورت دیگر یکطرفہ کارروائی عمل میں لائی جائے گی حکم سے مہر عدالت کراچی ایسٹ ویسٹ ساؤتھ سینٹرل ملیر

عدالت سول جج کراچی کے روبرو مقدمہ نمبر سال ۲۰۲۵ کے سلسلے میں تمام متعلقہ فریقین کو مطلع کیا جاتا ہے کہ وہ مقررہ تاریخ پر بوقت صبح آٹھ بج کر تیس منٹ عدالت میں حاضر ہوں بصورت دیگر یکطرفہ کارروائی عمل میں لائی جائے گی حکم سے مہر عدالت کراچی ایسٹ ویسٹ ساؤتھ سینٹرل ملیر

عدالت سول جج کراچی کے روبرو مقدمہ نمبر سال ۲۰۲۵ کے سلسلے میں تمام متعلقہ فریقین کو مطلع کیا جاتا ہے کہ وہ مقررہ تاریخ پر بوقت صبح آٹھ بج کر تیس منٹ عدالت میں حاضر ہوں بصورت دیگر یکطرفہ کارروائی عمل میں لائی جائے گی حکم سے مہر عدالت کراچی ایسٹ ویسٹ ساؤتھ سینٹرل ملیر

نمبر

9
حالیہ سیلاب

عدالت سول جج کراچی کے روبرو مقدمہ نمبر سال ۲۰۲۵ کے سلسلے میں تمام متعلقہ فریقین کو مطلع کیا جاتا ہے کہ وہ مقررہ تاریخ پر بوقت صبح آٹھ بج کر تیس منٹ عدالت میں حاضر ہوں بصورت دیگر یکطرفہ کارروائی عمل میں لائی جائے گی حکم سے مہر عدالت کراچی ایسٹ ویسٹ ساؤتھ سینٹرل ملیر

عدالت سول جج کراچی کے روبرو مقدمہ نمبر سال ۲۰۲۵ کے سلسلے میں تمام متعلقہ فریقین کو مطلع کیا جاتا ہے کہ وہ مقررہ تاریخ پر بوقت صبح آٹھ بج کر تیس منٹ عدالت میں حاضر ہوں بصورت دیگر یکطرفہ کارروائی عمل میں لائی جائے گی حکم سے مہر عدالت کراچی ایسٹ ویسٹ ساؤتھ سینٹرل ملیر

عدالت سول جج کراچی کے روبرو مقدمہ نمبر سال ۲۰۲۵ کے سلسلے میں تمام متعلقہ فریقین کو مطلع کیا جاتا ہے کہ وہ مقررہ تاریخ پر بوقت صبح آٹھ بج کر تیس منٹ عدالت میں حاضر ہوں بصورت دیگر یکطرفہ کارروائی عمل میں لائی جائے گی حکم سے مہر عدالت کراچی ایسٹ ویسٹ ساؤتھ سینٹرل ملیر

عدالت سول جج کراچی کے روبرو مقدمہ نمبر سال ۲۰۲۵ کے سلسلے میں تمام متعلقہ فریقین کو مطلع کیا جاتا ہے کہ وہ مقررہ تاریخ پر بوقت صبح آٹھ بج کر تیس منٹ عدالت میں حاضر ہوں بصورت دیگر یکطرفہ کارروائی عمل میں لائی جائے گی حکم سے مہر عدالت کراچی ایسٹ ویسٹ ساؤتھ سینٹرل ملیر

نمبر

10
پانی کا ذخیرہ

عدالت سول جج کراچی کے روبرو مقدمہ نمبر سال ۲۰۲۵ کے سلسلے میں تمام متعلقہ فریقین کو مطلع کیا جاتا ہے کہ وہ مقررہ تاریخ پر بوقت صبح آٹھ بج کر تیس منٹ عدالت میں حاضر ہوں بصورت دیگر یکطرفہ کارروائی عمل میں لائی جائے گی حکم سے مہر عدالت کراچی ایسٹ ویسٹ ساؤتھ سینٹرل ملیر

نمبر

11
بھارت حملہ

عدالت سول جج کراچی کے روبرو مقدمہ نمبر سال ۲۰۲۵ کے سلسلے میں تمام متعلقہ فریقین کو مطلع کیا جاتا ہے کہ وہ مقررہ تاریخ پر بوقت صبح آٹھ بج کر تیس منٹ عدالت میں حاضر ہوں بصورت دیگر یکطرفہ کارروائی عمل میں لائی جائے گی حکم سے مہر عدالت کراچی ایسٹ ویسٹ ساؤتھ سینٹرل ملیر

عدالت سول جج کراچی کے روبرو مقدمہ نمبر سال ۲۰۲۵ کے سلسلے میں تمام متعلقہ فریقین کو مطلع کیا جاتا ہے کہ وہ مقررہ تاریخ پر بوقت صبح آٹھ بج کر تیس منٹ عدالت میں حاضر ہوں بصورت دیگر یکطرفہ کارروائی عمل میں لائی جائے گی حکم سے مہر عدالت کراچی ایسٹ ویسٹ ساؤتھ سینٹرل ملیر

عدالت سول جج کراچی کے روبرو مقدمہ نمبر سال ۲۰۲۵ کے سلسلے میں تمام متعلقہ فریقین کو مطلع کیا جاتا ہے کہ وہ مقررہ تاریخ پر بوقت صبح آٹھ بج کر تیس منٹ عدالت میں حاضر ہوں بصورت دیگر یکطرفہ کارروائی عمل میں لائی جائے گی حکم سے مہر عدالت کراچی ایسٹ ویسٹ ساؤتھ سینٹرل ملیر

عدالت سول جج کراچی کے روبرو مقدمہ نمبر سال ۲۰۲۵ کے سلسلے میں تمام متعلقہ فریقین کو مطلع کیا جاتا ہے کہ وہ مقررہ تاریخ پر بوقت صبح آٹھ بج کر تیس منٹ عدالت میں حاضر ہوں بصورت دیگر یکطرفہ کارروائی عمل میں لائی جائے گی حکم سے مہر عدالت کراچی ایسٹ ویسٹ ساؤتھ سینٹرل ملیر

نمبر

12
کراچی پولیس

عدالت سول جج کراچی کے روبرو مقدمہ نمبر سال ۲۰۲۵ کے سلسلے میں تمام متعلقہ فریقین کو مطلع کیا جاتا ہے کہ وہ مقررہ تاریخ پر بوقت صبح آٹھ بج کر تیس منٹ عدالت میں حاضر ہوں بصورت دیگر یکطرفہ کارروائی عمل میں لائی جائے گی حکم سے مہر عدالت کراچی ایسٹ ویسٹ ساؤتھ سینٹرل ملیر

عدالت سول جج کراچی کے روبرو مقدمہ نمبر سال ۲۰۲۵ کے سلسلے میں تمام متعلقہ فریقین کو مطلع کیا جاتا ہے کہ وہ مقررہ تاریخ پر بوقت صبح آٹھ بج کر تیس منٹ عدالت میں حاضر ہوں بصورت دیگر یکطرفہ کارروائی عمل میں لائی جائے گی حکم سے مہر عدالت کراچی ایسٹ ویسٹ ساؤتھ سینٹرل ملیر

نمبر

13
شہباز شریف

عدالت سول جج کراچی کے روبرو مقدمہ نمبر سال ۲۰۲۵ کے سلسلے میں تمام متعلقہ فریقین کو مطلع کیا جاتا ہے کہ وہ مقررہ تاریخ پر بوقت صبح آٹھ بج کر تیس منٹ عدالت میں حاضر ہوں بصورت دیگر یکطرفہ کارروائی عمل میں لائی جائے گی حکم سے مہر عدالت کراچی ایسٹ ویسٹ ساؤتھ سینٹرل ملیر

نمبر

14
حکومتی اعلان
نمبر

15
138 گھنٹے

عدالت سول جج کراچی کے روبرو مقدمہ نمبر سال ۲۰۲۵ کے سلسلے میں تمام متعلقہ فریقین کو مطلع کیا جاتا ہے کہ وہ مقررہ تاریخ پر بوقت صبح آٹھ بج کر تیس منٹ عدالت میں حاضر ہوں بصورت دیگر یکطرفہ کارروائی عمل میں لائی جائے گی حکم سے مہر عدالت کراچی ایسٹ ویسٹ ساؤتھ سینٹرل ملیر

عدالت سول جج کراچی کے روبرو مقدمہ نمبر سال ۲۰۲۵ کے سلسلے میں تمام متعلقہ فریقین کو مطلع کیا جاتا ہے کہ وہ مقررہ تاریخ پر بوقت صبح آٹھ بج کر تیس منٹ عدالت میں حاضر ہوں بصورت دیگر یکطرفہ کارروائی عمل میں لائی جائے گی حکم سے مہر عدالت کراچی ایسٹ ویسٹ ساؤتھ سینٹرل ملیر

عدالت سول جج کراچی کے روبرو مقدمہ نمبر سال ۲۰۲۵ کے سلسلے میں تمام متعلقہ فریقین کو مطلع کیا جاتا ہے کہ وہ مقررہ تاریخ پر بوقت صبح آٹھ بج کر تیس منٹ عدالت میں حاضر ہوں بصورت دیگر یکطرفہ کارروائی عمل میں لائی جائے گی حکم سے مہر عدالت کراچی ایسٹ ویسٹ ساؤتھ سینٹرل ملیر

عدالت سول جج کراچی کے روبرو مقدمہ نمبر سال ۲۰۲۵ کے سلسلے میں تمام متعلقہ فریقین کو مطلع کیا جاتا ہے کہ وہ مقررہ تاریخ پر بوقت صبح آٹھ بج کر تیس منٹ عدالت میں حاضر ہوں بصورت دیگر یکطرفہ کارروائی عمل میں لائی جائے گی حکم سے مہر عدالت کراچی ایسٹ ویسٹ ساؤتھ سینٹرل ملیر

عدالت سول جج کراچی کے روبرو مقدمہ نمبر سال ۲۰۲۵ کے سلسلے میں تمام متعلقہ فریقین کو مطلع کیا جاتا ہے کہ وہ مقررہ تاریخ پر بوقت صبح آٹھ بج کر تیس منٹ عدالت میں حاضر ہوں بصورت دیگر یکطرفہ کارروائی عمل میں لائی جائے گی حکم سے مہر عدالت کراچی ایسٹ ویسٹ ساؤتھ سینٹرل ملیر

نمبر

4
دبئی حکام

عدالت سول جج کراچی کے روبرو مقدمہ نمبر سال ۲۰۲۵ کے سلسلے میں تمام متعلقہ فریقین کو مطلع کیا جاتا ہے کہ وہ مقررہ تاریخ پر بوقت صبح آٹھ بج کر تیس منٹ عدالت میں حاضر ہوں بصورت دیگر یکطرفہ کارروائی عمل میں لائی جائے گی حکم سے مہر عدالت کراچی ایسٹ ویسٹ ساؤتھ سینٹرل ملیر

عدالت سول جج کراچی کے روبرو مقدمہ نمبر سال ۲۰۲۵ کے سلسلے میں تمام متعلقہ فریقین کو مطلع کیا جاتا ہے کہ وہ مقررہ تاریخ پر بوقت صبح آٹھ بج کر تیس منٹ عدالت میں حاضر ہوں بصورت دیگر یکطرفہ کارروائی عمل میں لائی جائے گی حکم سے مہر عدالت کراچی ایسٹ ویسٹ ساؤتھ سینٹرل ملیر

نمبر

5
بھارتی حکومت

عدالت سول جج کراچی کے روبرو مقدمہ نمبر سال ۲۰۲۵ کے سلسلے میں تمام متعلقہ فریقین کو مطلع کیا جاتا ہے کہ وہ مقررہ تاریخ پر بوقت صبح آٹھ بج کر تیس منٹ عدالت میں حاضر ہوں بصورت دیگر یکطرفہ کارروائی عمل میں لائی جائے گی حکم سے مہر عدالت کراچی ایسٹ ویسٹ ساؤتھ سینٹرل ملیر

نمبر

6
ترجیب

عدالت سول جج کراچی کے روبرو مقدمہ نمبر سال ۲۰۲۵ کے سلسلے میں تمام متعلقہ فریقین کو مطلع کیا جاتا ہے کہ وہ مقررہ تاریخ پر بوقت صبح آٹھ بج کر تیس منٹ عدالت میں حاضر ہوں بصورت دیگر یکطرفہ کارروائی عمل میں لائی جائے گی حکم سے مہر عدالت کراچی ایسٹ ویسٹ ساؤتھ سینٹرل ملیر

نمبر

7
لاکھوں اقوام

عدالت سول جج کراچی کے روبرو مقدمہ نمبر سال ۲۰۲۵ کے سلسلے میں تمام متعلقہ فریقین کو مطلع کیا جاتا ہے کہ وہ مقررہ تاریخ پر بوقت صبح آٹھ بج کر تیس منٹ عدالت میں حاضر ہوں بصورت دیگر یکطرفہ کارروائی عمل میں لائی جائے گی حکم سے مہر عدالت کراچی ایسٹ ویسٹ ساؤتھ سینٹرل ملیر

عدالت سول جج کراچی کے روبرو مقدمہ نمبر سال ۲۰۲۵ کے سلسلے میں تمام متعلقہ فریقین کو مطلع کیا جاتا ہے کہ وہ مقررہ تاریخ پر بوقت صبح آٹھ بج کر تیس منٹ عدالت میں حاضر ہوں بصورت دیگر یکطرفہ کارروائی عمل میں لائی جائے گی حکم سے مہر عدالت کراچی ایسٹ ویسٹ ساؤتھ سینٹرل ملیر

عدالت سول جج کراچی کے روبرو مقدمہ نمبر سال ۲۰۲۵ کے سلسلے میں تمام متعلقہ فریقین کو مطلع کیا جاتا ہے کہ وہ مقررہ تاریخ پر بوقت صبح آٹھ بج کر تیس منٹ عدالت میں حاضر ہوں بصورت دیگر یکطرفہ کارروائی عمل میں لائی جائے گی حکم سے مہر عدالت کراچی ایسٹ ویسٹ ساؤتھ سینٹرل ملیر

عدالت سول جج کراچی کے روبرو مقدمہ نمبر سال ۲۰۲۵ کے سلسلے میں تمام متعلقہ فریقین کو مطلع کیا جاتا ہے کہ وہ مقررہ تاریخ پر بوقت صبح آٹھ بج کر تیس منٹ عدالت میں حاضر ہوں بصورت دیگر یکطرفہ کارروائی عمل میں لائی جائے گی حکم سے مہر عدالت کراچی ایسٹ ویسٹ ساؤتھ سینٹرل ملیر

نمبر

8
معاشی منصوبہ

عدالت سول جج کراچی کے روبرو مقدمہ نمبر سال ۲۰۲۵ کے سلسلے میں تمام متعلقہ فریقین کو مطلع کیا جاتا ہے کہ وہ مقررہ تاریخ پر بوقت صبح آٹھ بج کر تیس منٹ عدالت میں حاضر ہوں بصورت دیگر یکطرفہ کارروائی عمل میں لائی جائے گی حکم سے مہر عدالت کراچی ایسٹ ویسٹ ساؤتھ سینٹرل ملیر

عدالت سول جج کراچی کے روبرو مقدمہ نمبر سال ۲۰۲۵ کے سلسلے میں تمام متعلقہ فریقین کو مطلع کیا جاتا ہے کہ وہ مقررہ تاریخ پر بوقت صبح آٹھ بج کر تیس منٹ عدالت میں حاضر ہوں بصورت دیگر یکطرفہ کارروائی عمل میں لائی جائے گی حکم سے مہر عدالت کراچی ایسٹ ویسٹ ساؤتھ سینٹرل ملیر

عدالت سول جج کراچی کے روبرو مقدمہ نمبر سال ۲۰۲۵ کے سلسلے میں تمام متعلقہ فریقین کو مطلع کیا جاتا ہے کہ وہ مقررہ تاریخ پر بوقت صبح آٹھ بج کر تیس منٹ عدالت میں حاضر ہوں بصورت دیگر یکطرفہ کارروائی عمل میں لائی جائے گی حکم سے مہر عدالت کراچی ایسٹ ویسٹ ساؤتھ سینٹرل ملیر

عدالت سول جج کراچی کے روبرو مقدمہ نمبر سال ۲۰۲۵ کے سلسلے میں تمام متعلقہ فریقین کو مطلع کیا جاتا ہے کہ وہ مقررہ تاریخ پر بوقت صبح آٹھ بج کر تیس منٹ عدالت میں حاضر ہوں بصورت دیگر یکطرفہ کارروائی عمل میں لائی جائے گی حکم سے مہر عدالت کراچی ایسٹ ویسٹ ساؤتھ سینٹرل ملیر

عدالت سول جج کراچی کے روبرو مقدمہ نمبر سال ۲۰۲۵ کے سلسلے میں تمام متعلقہ فریقین کو مطلع کیا جاتا ہے کہ وہ مقررہ تاریخ پر بوقت صبح آٹھ بج کر تیس منٹ عدالت میں حاضر ہوں بصورت دیگر یکطرفہ کارروائی عمل میں لائی جائے گی حکم سے مہر عدالت کراچی ایسٹ ویسٹ ساؤتھ سینٹرل ملیر

عدالت سول جج کراچی کے روبرو مقدمہ نمبر سال ۲۰۲۵ کے سلسلے میں تمام متعلقہ فریقین کو مطلع کیا جاتا ہے کہ وہ مقررہ تاریخ پر بوقت صبح آٹھ بج کر تیس منٹ عدالت میں حاضر ہوں بصورت دیگر یکطرفہ کارروائی عمل میں لائی جائے گی حکم سے مہر عدالت کراچی ایسٹ ویسٹ ساؤتھ سینٹرل ملیر

عدالت سول جج کراچی کے روبرو مقدمہ نمبر سال ۲۰۲۵ کے سلسلے میں تمام متعلقہ فریقین کو مطلع کیا جاتا ہے کہ وہ مقررہ تاریخ پر بوقت صبح آٹھ بج کر تیس منٹ عدالت میں حاضر ہوں بصورت دیگر یکطرفہ کارروائی عمل میں لائی جائے گی حکم سے مہر عدالت کراچی ایسٹ ویسٹ ساؤتھ سینٹرل ملیر

نمبر

1
کٹہرے حالات

عدالت سول جج کراچی کے روبرو مقدمہ نمبر سال ۲۰۲۵ کے سلسلے میں تمام متعلقہ فریقین کو مطلع کیا جاتا ہے کہ وہ مقررہ تاریخ پر بوقت صبح آٹھ بج کر تیس منٹ عدالت میں حاضر ہوں بصورت دیگر یکطرفہ کارروائی عمل میں لائی جائے گی حکم سے مہر عدالت کراچی ایسٹ ویسٹ ساؤتھ سینٹرل ملیر

عدالت سول جج کراچی کے روبرو مقدمہ نمبر سال ۲۰۲۵ کے سلسلے میں تمام متعلقہ فریقین کو مطلع کیا جاتا ہے کہ وہ مقررہ تاریخ پر بوقت صبح آٹھ بج کر تیس منٹ عدالت میں حاضر ہوں بصورت دیگر یکطرفہ کارروائی عمل میں لائی جائے گی حکم سے مہر عدالت کراچی ایسٹ ویسٹ ساؤتھ سینٹرل ملیر

عدالت سول جج کراچی کے روبرو مقدمہ نمبر سال ۲۰۲۵ کے سلسلے میں تمام متعلقہ فریقین کو مطلع کیا جاتا ہے کہ وہ مقررہ تاریخ پر بوقت صبح آٹھ بج کر تیس منٹ عدالت میں حاضر ہوں بصورت دیگر یکطرفہ کارروائی عمل میں لائی جائے گی حکم سے مہر عدالت کراچی ایسٹ ویسٹ ساؤتھ سینٹرل ملیر

عدالت سول جج کراچی کے روبرو مقدمہ نمبر سال ۲۰۲۵ کے سلسلے میں تمام متعلقہ فریقین کو مطلع کیا جاتا ہے کہ وہ مقررہ تاریخ پر بوقت صبح آٹھ بج کر تیس منٹ عدالت میں حاضر ہوں بصورت دیگر یکطرفہ کارروائی عمل میں لائی جائے گی حکم سے مہر عدالت کراچی ایسٹ ویسٹ ساؤتھ سینٹرل ملیر

عدالت سول جج کراچی کے روبرو مقدمہ نمبر سال ۲۰۲۵ کے سلسلے میں تمام متعلقہ فریقین کو مطلع کیا جاتا ہے کہ وہ مقررہ تاریخ پر بوقت صبح آٹھ بج کر تیس منٹ عدالت میں حاضر ہوں بصورت دیگر یکطرفہ کارروائی عمل میں لائی جائے گی حکم سے مہر عدالت کراچی ایسٹ ویسٹ ساؤتھ سینٹرل ملیر

عدالت سول جج کراچی کے روبرو مقدمہ نمبر سال ۲۰۲۵ کے سلسلے میں تمام متعلقہ فریقین کو مطلع کیا جاتا ہے کہ وہ مقررہ تاریخ پر بوقت صبح آٹھ بج کر تیس منٹ عدالت میں حاضر ہوں بصورت دیگر یکطرفہ کارروائی عمل میں لائی جائے گی حکم سے مہر عدالت کراچی ایسٹ ویسٹ ساؤتھ سینٹرل ملیر

عدالت سول جج کراچی کے روبرو مقدمہ نمبر سال ۲۰۲۵ کے سلسلے میں تمام متعلقہ فریقین کو مطلع کیا جاتا ہے کہ وہ مقررہ تاریخ پر بوقت صبح آٹھ بج کر تیس منٹ عدالت میں حاضر ہوں بصورت دیگر یکطرفہ کارروائی عمل میں لائی جائے گی حکم سے مہر عدالت کراچی ایسٹ ویسٹ ساؤتھ سینٹرل ملیر

عدالت سول جج کراچی کے روبرو مقدمہ نمبر سال ۲۰۲۵ کے سلسلے میں تمام متعلقہ فریقین کو مطلع کیا جاتا ہے کہ وہ مقررہ تاریخ پر بوقت صبح آٹھ بج کر تیس منٹ عدالت میں حاضر ہوں بصورت دیگر یکطرفہ کارروائی عمل میں لائی جائے گی حکم سے مہر عدالت کراچی ایسٹ ویسٹ ساؤتھ سینٹرل ملیر

نمبر

2
حکومت کا اعلان

عدالت سول جج کراچی کے روبرو مقدمہ نمبر سال ۲۰۲۵ کے سلسلے میں تمام متعلقہ فریقین کو مطلع کیا جاتا ہے کہ وہ مقررہ تاریخ پر بوقت صبح آٹھ بج کر تیس منٹ عدالت میں حاضر ہوں بصورت دیگر یکطرفہ کارروائی عمل میں لائی جائے گی حکم سے مہر عدالت کراچی ایسٹ ویسٹ ساؤتھ سینٹرل ملیر

عدالت سول جج کراچی کے روبرو مقدمہ نمبر سال ۲۰۲۵ کے سلسلے میں تمام متعلقہ فریقین کو مطلع کیا جاتا ہے کہ وہ مقررہ تاریخ پر بوقت صبح آٹھ بج کر تیس منٹ عدالت میں حاضر ہوں بصورت دیگر یکطرفہ کارروائی عمل میں لائی جائے گی حکم سے مہر عدالت کراچی ایسٹ ویسٹ ساؤتھ سینٹرل ملیر

عدالت سول جج کراچی کے روبرو مقدمہ نمبر سال ۲۰۲۵ کے سلسلے میں تمام متعلقہ فریقین کو مطلع کیا جاتا ہے کہ وہ مقررہ تاریخ پر بوقت صبح آٹھ بج کر تیس منٹ عدالت میں حاضر ہوں بصورت دیگر یکطرفہ کارروائی عمل میں لائی جائے گی حکم سے مہر عدالت کراچی ایسٹ ویسٹ ساؤتھ سینٹرل ملیر

عدالت سول جج کراچی کے روبرو مقدمہ نمبر سال ۲۰۲۵ کے سلسلے میں تمام متعلقہ فریقین کو مطلع کیا جاتا ہے کہ وہ مقررہ تاریخ پر بوقت صبح آٹھ بج کر تیس منٹ عدالت میں حاضر ہوں بصورت دیگر یکطرفہ کارروائی عمل میں لائی جائے گی حکم سے مہر عدالت کراچی ایسٹ ویسٹ ساؤتھ سینٹرل ملیر

عدالت سول جج کراچی کے روبرو مقدمہ نمبر سال ۲۰۲۵ کے سلسلے میں تمام متعلقہ فریقین کو مطلع کیا جاتا ہے کہ وہ مقررہ تاریخ پر بوقت صبح آٹھ بج کر تیس منٹ عدالت میں حاضر ہوں بصورت دیگر یکطرفہ کارروائی عمل میں لائی جائے گی حکم سے مہر عدالت کراچی ایسٹ ویسٹ ساؤتھ سینٹرل ملیر

نمبر

3
ایم کیو ایم

عدالت سول جج کراچی کے روبرو مقدمہ نمبر سال ۲۰۲۵ کے سلسلے میں تمام متعلقہ فریقین کو مطلع کیا جاتا ہے کہ وہ مقررہ تاریخ پر بوقت صبح آٹھ بج کر تیس منٹ عدالت میں حاضر ہوں بصورت دیگر یکطرفہ کارروائی عمل میں لائی جائے گی حکم سے مہر عدالت کراچی ایسٹ ویسٹ ساؤتھ سینٹرل ملیر

عدالت سول جج کراچی کے روبرو مقدمہ نمبر سال ۲۰۲۵ کے سلسلے میں تمام متعلقہ فریقین کو مطلع کیا جاتا ہے کہ وہ مقررہ تاریخ پر بوقت صبح آٹھ بج کر تیس منٹ عدالت میں حاضر ہوں بصورت دیگر یکطرفہ کارروائی عمل میں لائی جائے گی حکم سے مہر عدالت کراچی ایسٹ ویسٹ ساؤتھ سینٹرل ملیر

عدالت سول جج کراچی کے روبرو مقدمہ نمبر سال ۲۰۲۵ کے سلسلے میں تمام متعلقہ فریقین کو مطلع کیا جاتا ہے کہ وہ مقررہ تاریخ پر بوقت صبح آٹھ بج کر تیس منٹ عدالت میں حاضر ہوں بصورت دیگر یکطرفہ کارروائی عمل میں لائی جائے گی حکم سے مہر عدالت کراچی ایسٹ ویسٹ ساؤتھ سینٹرل ملیر

عدالت سول جج کراچی کے روبرو مقدمہ نمبر سال ۲۰۲۵ کے سلسلے میں تمام متعلقہ فریقین کو مطلع کیا جاتا ہے کہ وہ مقررہ تاریخ پر بوقت صبح آٹھ بج کر تیس منٹ عدالت میں حاضر ہوں بصورت دیگر یکطرفہ کارروائی عمل میں لائی جائے گی حکم سے مہر عدالت کراچی ایسٹ ویسٹ ساؤتھ سینٹرل ملیر

عدالت سول جج کراچی کے روبرو مقدمہ نمبر سال ۲۰۲۵ کے سلسلے میں تمام متعلقہ فریقین کو مطلع کیا جاتا ہے کہ وہ مقررہ تاریخ پر بوقت صبح آٹھ بج کر تیس منٹ عدالت میں حاضر ہوں بصورت دیگر یکطرفہ کارروائی عمل میں لائی جائے گی حکم سے مہر عدالت کراچی ایسٹ ویسٹ ساؤتھ سینٹرل ملیر
